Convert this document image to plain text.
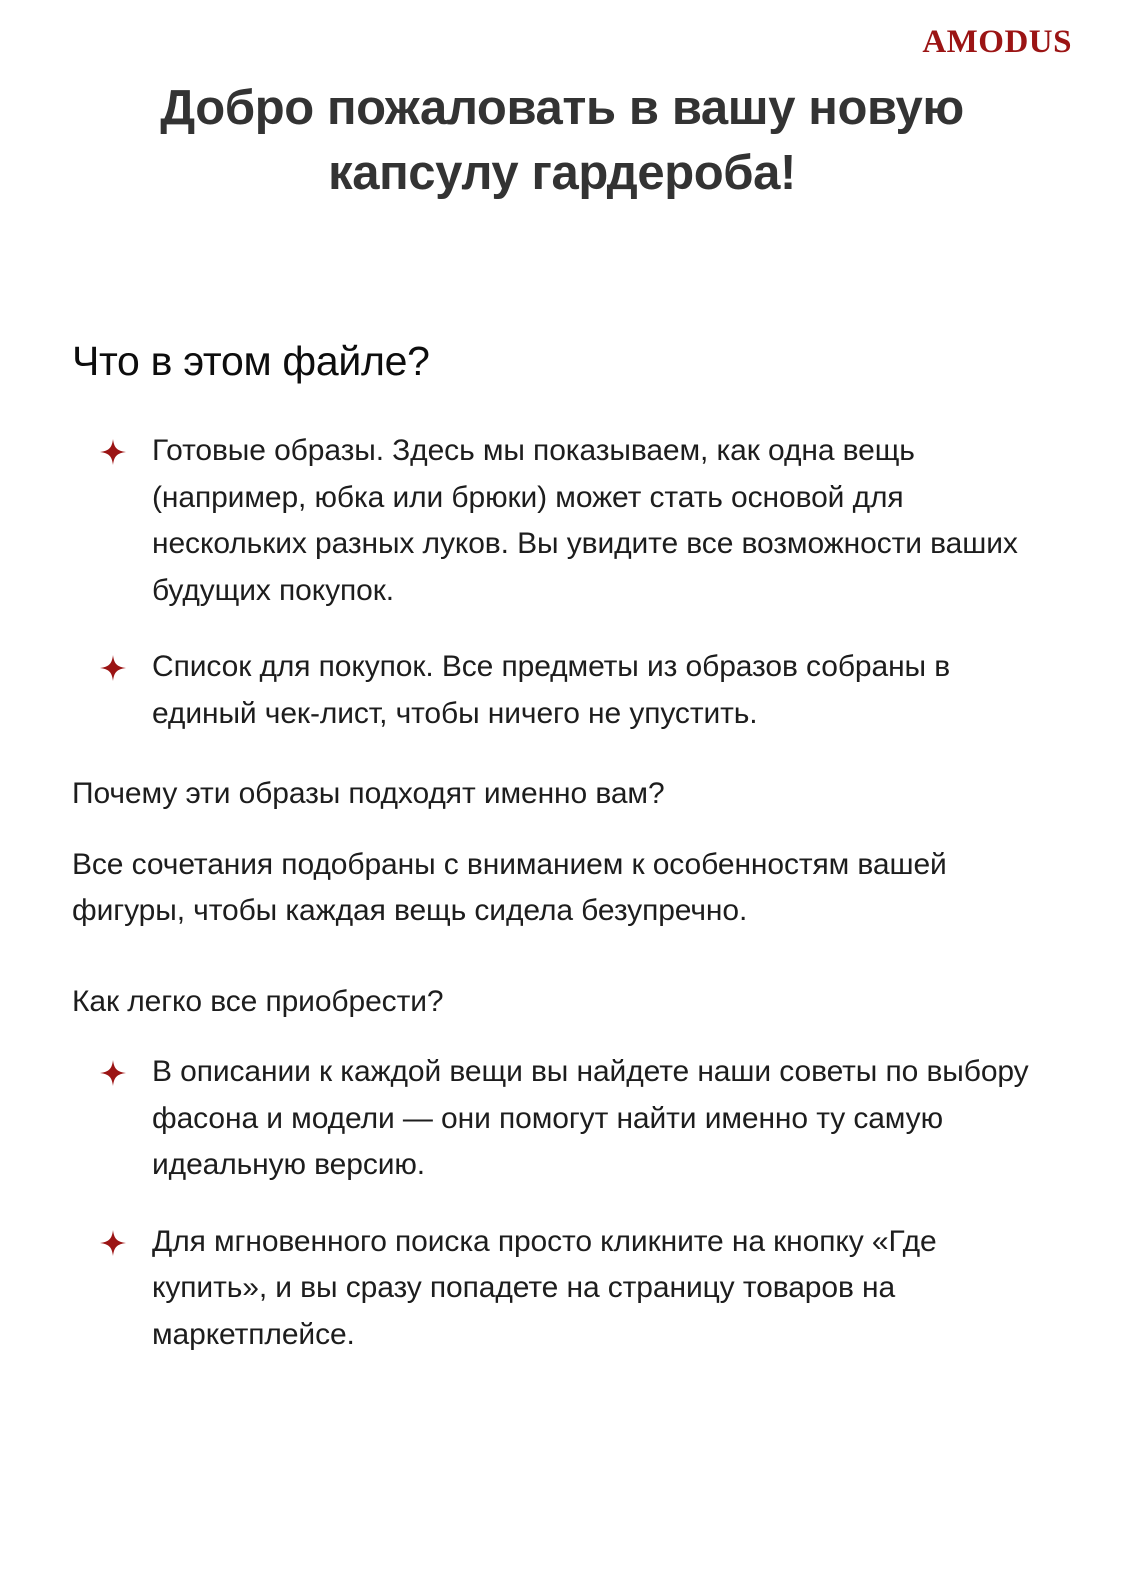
AMODUS
Добро пожаловать в вашу новую капсулу гардероба!
Что в этом файле?
Готовые образы. Здесь мы показываем, как одна вещь (например, юбка или брюки) может стать основой для нескольких разных луков. Вы увидите все возможности ваших будущих покупок.
Список для покупок. Все предметы из образов собраны в единый чек-лист, чтобы ничего не упустить.

Почему эти образы подходят именно вам?

Все сочетания подобраны с вниманием к особенностям вашей фигуры, чтобы каждая вещь сидела безупречно.

Как легко все приобрести?

В описании к каждой вещи вы найдете наши советы по выбору фасона и модели — они помогут найти именно ту самую идеальную версию.
Для мгновенного поиска просто кликните на кнопку «Где купить», и вы сразу попадете на страницу товаров на маркетплейсе.
